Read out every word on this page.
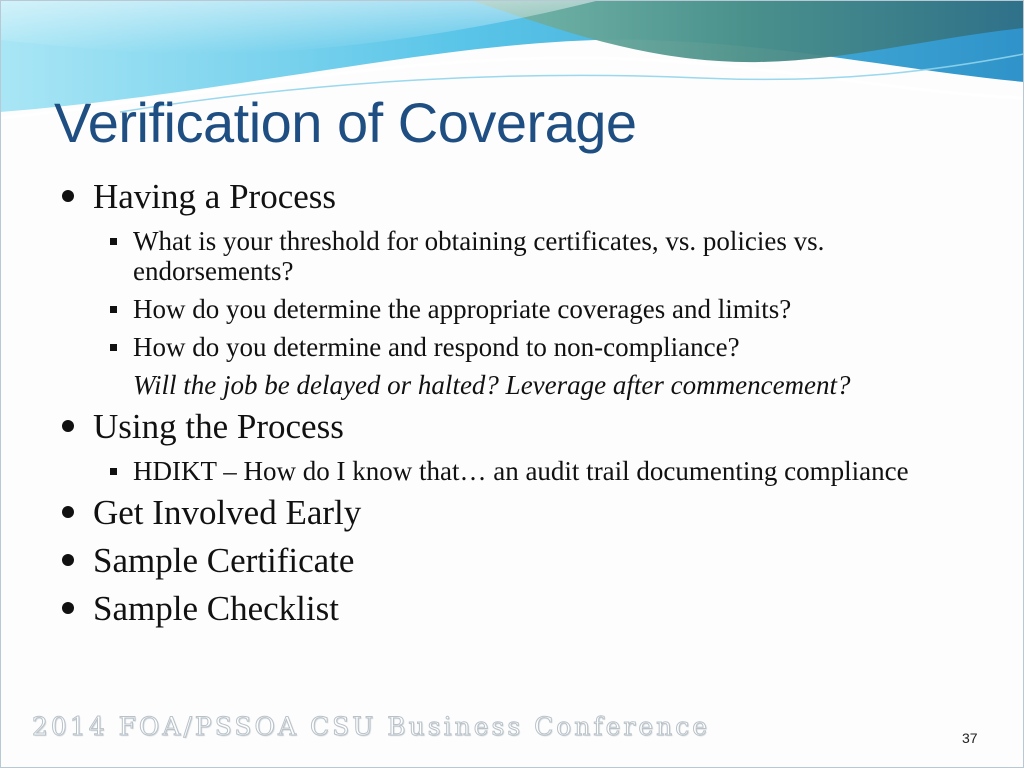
Verification of Coverage
Having a Process
What is your threshold for obtaining certificates, vs. policies vs. endorsements?
How do you determine the appropriate coverages and limits?
How do you determine and respond to non-compliance?
Will the job be delayed or halted? Leverage after commencement?
Using the Process
HDIKT – How do I know that… an audit trail documenting compliance
Get Involved Early
Sample Certificate
Sample Checklist
2014 FOA/PSSOA CSU Business Conference	37
